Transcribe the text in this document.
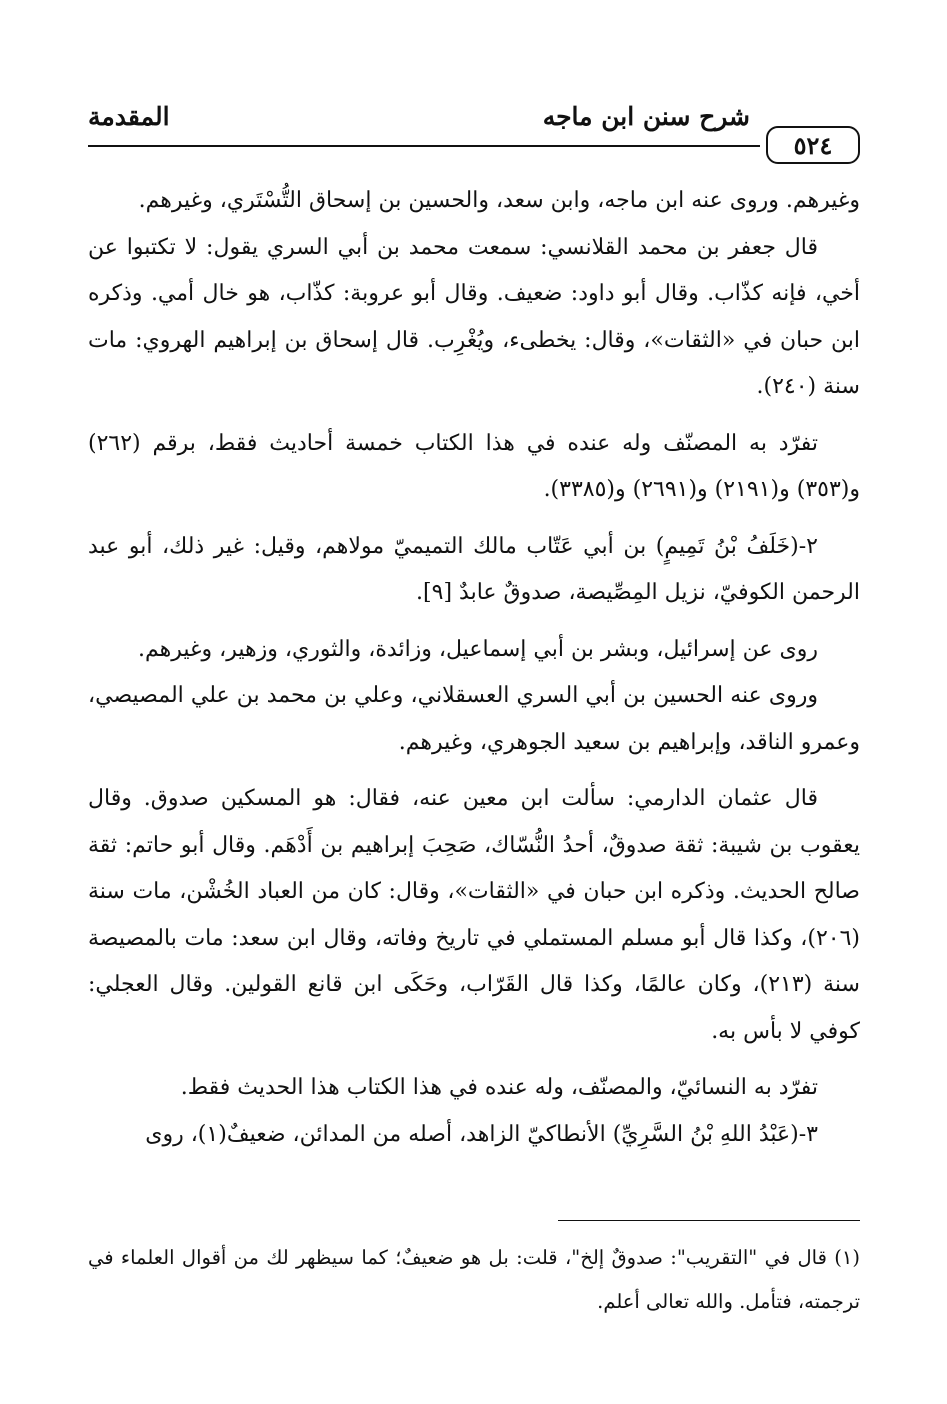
٥٢٤
شرح سنن ابن ماجه
المقدمة

وغيرهم. وروى عنه ابن ماجه، وابن سعد، والحسين بن إسحاق التُّسْتَري، وغيرهم.

قال جعفر بن محمد القلانسي: سمعت محمد بن أبي السري يقول: لا تكتبوا عن أخي، فإنه كذّاب. وقال أبو داود: ضعيف. وقال أبو عروبة: كذّاب، هو خال أمي. وذكره ابن حبان في «الثقات»، وقال: يخطىء، ويُغْرِب. قال إسحاق بن إبراهيم الهروي: مات سنة (٢٤٠).

تفرّد به المصنّف وله عنده في هذا الكتاب خمسة أحاديث فقط، برقم (٢٦٢) و(٣٥٣) و(٢١٩١) و(٢٦٩١) و(٣٣٨٥).

٢-(خَلَفُ بْنُ تَمِيمٍ) بن أبي عَتّاب مالك التميميّ مولاهم، وقيل: غير ذلك، أبو عبد الرحمن الكوفيّ، نزيل المِصِّيصة، صدوقٌ عابدٌ [٩].

روى عن إسرائيل، وبشر بن أبي إسماعيل، وزائدة، والثوري، وزهير، وغيرهم.

وروى عنه الحسين بن أبي السري العسقلاني، وعلي بن محمد بن علي المصيصي، وعمرو الناقد، وإبراهيم بن سعيد الجوهري، وغيرهم.

قال عثمان الدارمي: سألت ابن معين عنه، فقال: هو المسكين صدوق. وقال يعقوب بن شيبة: ثقة صدوقٌ، أحدُ النُّسّاك، صَحِبَ إبراهيم بن أَدْهَم. وقال أبو حاتم: ثقة صالح الحديث. وذكره ابن حبان في «الثقات»، وقال: كان من العباد الخُشْن، مات سنة (٢٠٦)، وكذا قال أبو مسلم المستملي في تاريخ وفاته، وقال ابن سعد: مات بالمصيصة سنة (٢١٣)، وكان عالمًا، وكذا قال القَرّاب، وحَكَى ابن قانع القولين. وقال العجلي: كوفي لا بأس به.

تفرّد به النسائيّ، والمصنّف، وله عنده في هذا الكتاب هذا الحديث فقط.

٣-(عَبْدُ اللهِ بْنُ السَّرِيِّ) الأنطاكيّ الزاهد، أصله من المدائن، ضعيفٌ(١)، روى

(١) قال في "التقريب": صدوقٌ إلخ"، قلت: بل هو ضعيفٌ؛ كما سيظهر لك من أقوال العلماء في ترجمته، فتأمل. والله تعالى أعلم.
